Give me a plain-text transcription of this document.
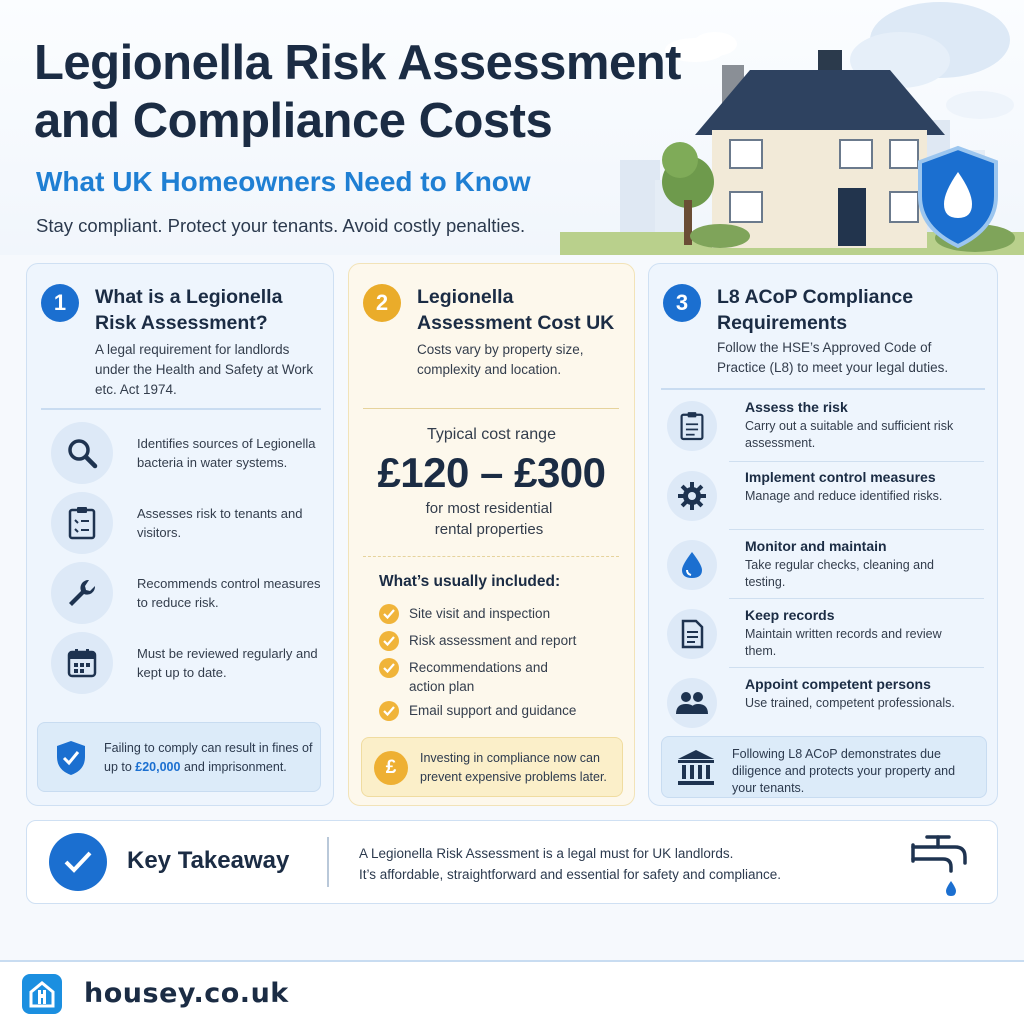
Legionella Risk Assessment and Compliance Costs
What UK Homeowners Need to Know
Stay compliant. Protect your tenants. Avoid costly penalties.
1	What is a Legionella Risk Assessment?
A legal requirement for landlords under the Health and Safety at Work etc. Act 1974.
Identifies sources of Legionella bacteria in water systems.
Assesses risk to tenants and visitors.
Recommends control measures to reduce risk.
Must be reviewed regularly and kept up to date.
Failing to comply can result in fines of up to £20,000 and imprisonment.
2	Legionella Assessment Cost UK
Costs vary by property size, complexity and location.
Typical cost range
£120 – £300
for most residential rental properties
What’s usually included:
Site visit and inspection
Risk assessment and report
Recommendations and action plan
Email support and guidance
£	Investing in compliance now can prevent expensive problems later.
3	L8 ACoP Compliance Requirements
Follow the HSE’s Approved Code of Practice (L8) to meet your legal duties.
Assess the risk
Carry out a suitable and sufficient risk assessment.
Implement control measures
Manage and reduce identified risks.
Monitor and maintain
Take regular checks, cleaning and testing.
Keep records
Maintain written records and review them.
Appoint competent persons
Use trained, competent professionals.
Following L8 ACoP demonstrates due diligence and protects your property and your tenants.
Key Takeaway	A Legionella Risk Assessment is a legal must for UK landlords.
It’s affordable, straightforward and essential for safety and compliance.
housey.co.uk
